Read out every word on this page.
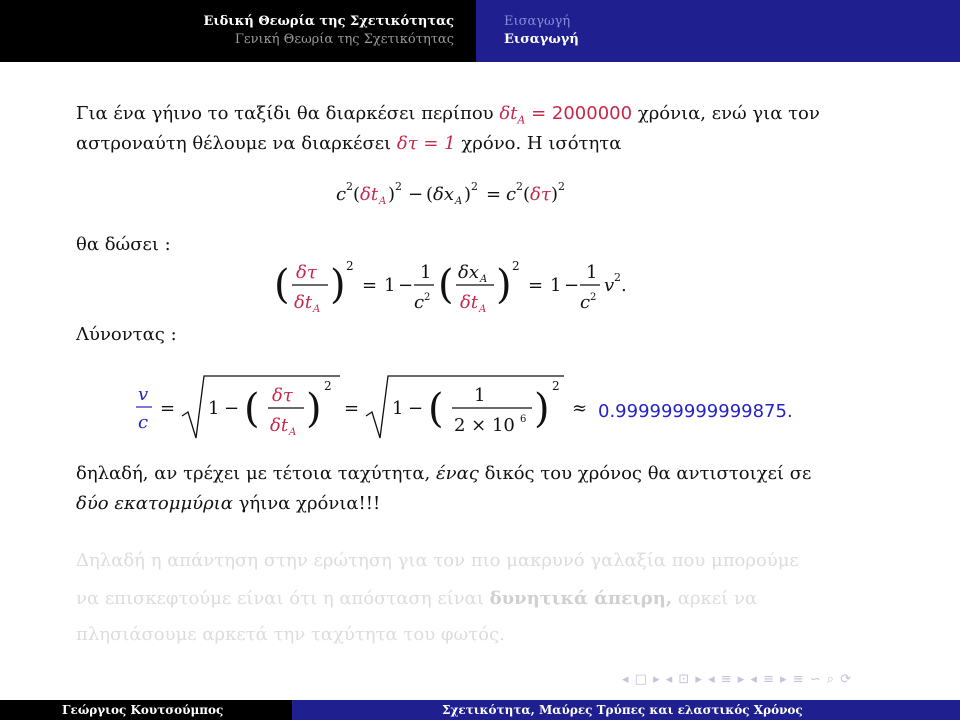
Ειδική Θεωρία της Σχετικότητας
Γενική Θεωρία της Σχετικότητας
Εισαγωγή
Εισαγωγή
Για ένα γήινο το ταξίδι θα διαρκέσει περίπου $\delta t_A = 2000000$ χρόνια, ενώ για τον
αστροναύτη θέλουμε να διαρκέσει δτ = 1 χρόνο. Η ισότητα
c 2 ( δt A ) 2 − ( δx A ) 2 = c 2 ( δτ ) 2
θα δώσει :
( δτ
δt A
) 2
= 1 −
1
c 2 ( δx A
δt A
) 2
= 1 −
1
c 2
v 2 .
Λύνοντας :
v
c
= 1 − ( δτ
δt A
) 2
= 1 − ( 1
2 × 10 6 ) 2
≈ 0.999999999999875.
δηλαδή, αν τρέχει με τέτοια ταχύτητα, ένας δικός του χρόνος θα αντιστοιχεί σε
δύο εκατομμύρια γήινα χρόνια!!!
Δηλαδή η απάντηση στην ερώτηση για τον πιο μακρυνό γαλαξία που μπορούμε
να επισκεφτούμε είναι ότι η απόσταση είναι δυνητικά άπειρη, αρκεί να
πλησιάσουμε αρκετά την ταχύτητα του φωτός.
◂ □ ▸ ◂ ⊡ ▸ ◂ ≡ ▸ ◂ ≡ ▸ ≡ ∽ ⌕ ⟳
Γεώργιος Κουτσούμπος	Σχετικότητα, Μαύρες Τρύπες και ελαστικός Χρόνος
